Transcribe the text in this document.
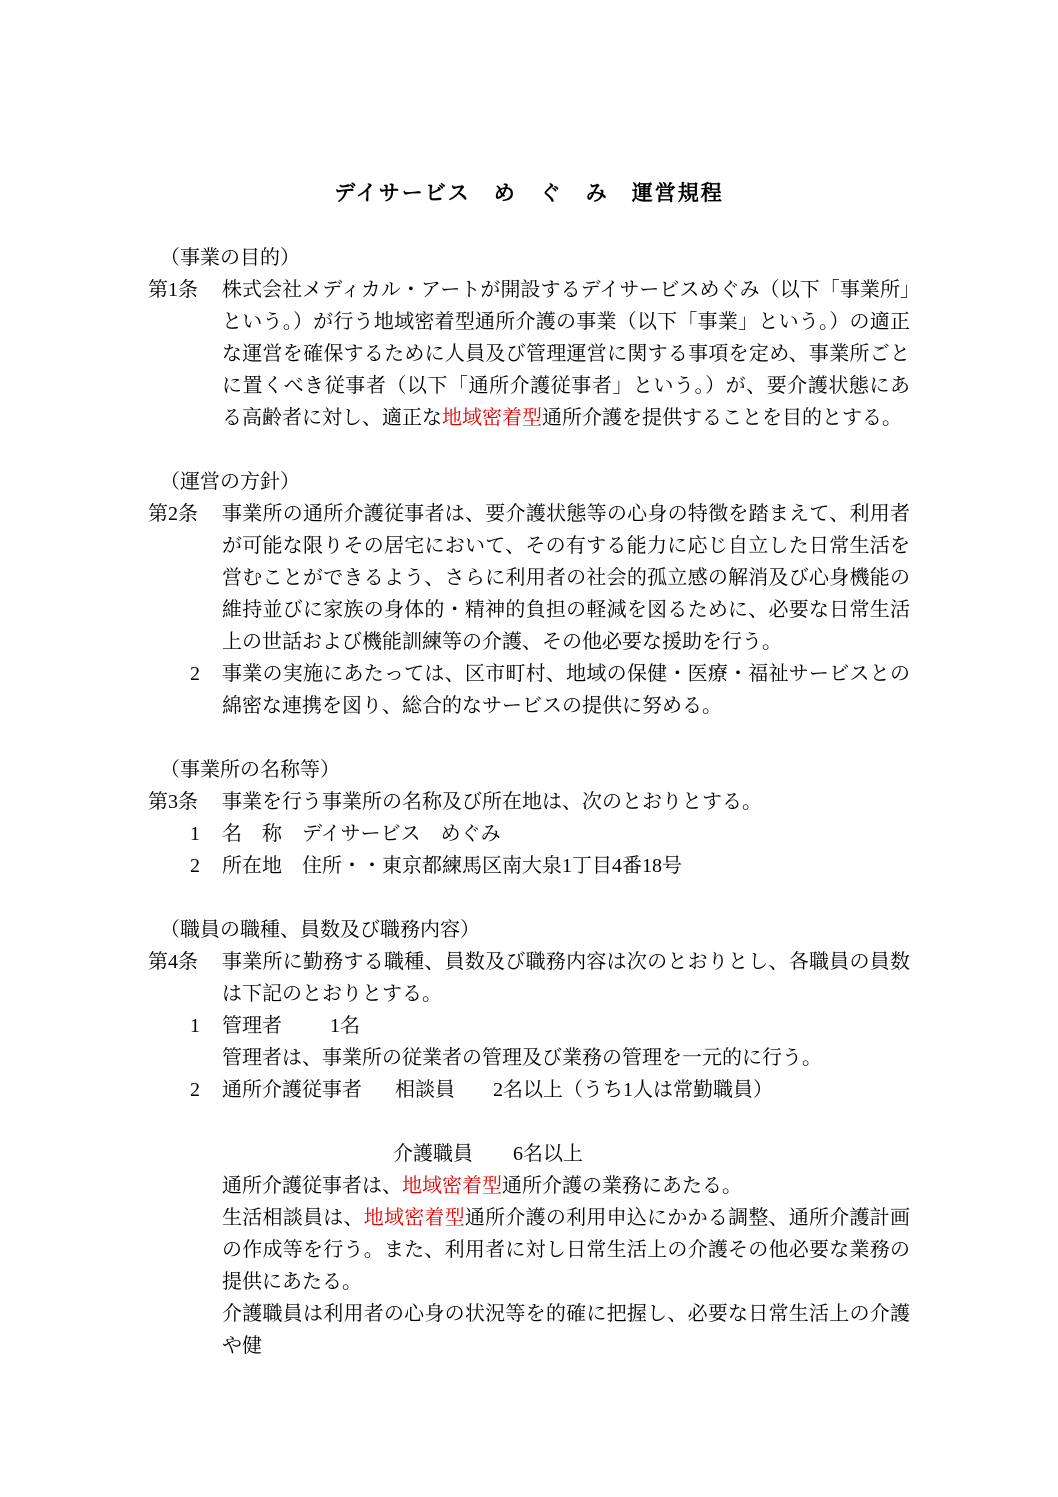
デイサービス　め　ぐ　み　運営規程
（事業の目的）
第1条	株式会社メディカル・アートが開設するデイサービスめぐみ（以下「事業所」という。）が行う地域密着型通所介護の事業（以下「事業」という。）の適正な運営を確保するために人員及び管理運営に関する事項を定め、事業所ごとに置くべき従事者（以下「通所介護従事者」という。）が、要介護状態にある高齢者に対し、適正な地域密着型通所介護を提供することを目的とする。
（運営の方針）
第2条	事業所の通所介護従事者は、要介護状態等の心身の特徴を踏まえて、利用者が可能な限りその居宅において、その有する能力に応じ自立した日常生活を営むことができるよう、さらに利用者の社会的孤立感の解消及び心身機能の維持並びに家族の身体的・精神的負担の軽減を図るために、必要な日常生活上の世話および機能訓練等の介護、その他必要な援助を行う。
2	事業の実施にあたっては、区市町村、地域の保健・医療・福祉サービスとの綿密な連携を図り、総合的なサービスの提供に努める。
（事業所の名称等）
第3条	事業を行う事業所の名称及び所在地は、次のとおりとする。
1	名　称　デイサービス　めぐみ
2	所在地　住所・・東京都練馬区南大泉1丁目4番18号
（職員の職種、員数及び職務内容）
第4条	事業所に勤務する職種、員数及び職務内容は次のとおりとし、各職員の員数は下記のとおりとする。
1	管理者 1名
管理者は、事業所の従業者の管理及び業務の管理を一元的に行う。
2	通所介護従事者 相談員 2名以上（うち1人は常勤職員）
介護職員 6名以上
通所介護従事者は、地域密着型通所介護の業務にあたる。
生活相談員は、地域密着型通所介護の利用申込にかかる調整、通所介護計画の作成等を行う。また、利用者に対し日常生活上の介護その他必要な業務の提供にあたる。
介護職員は利用者の心身の状況等を的確に把握し、必要な日常生活上の介護や健
